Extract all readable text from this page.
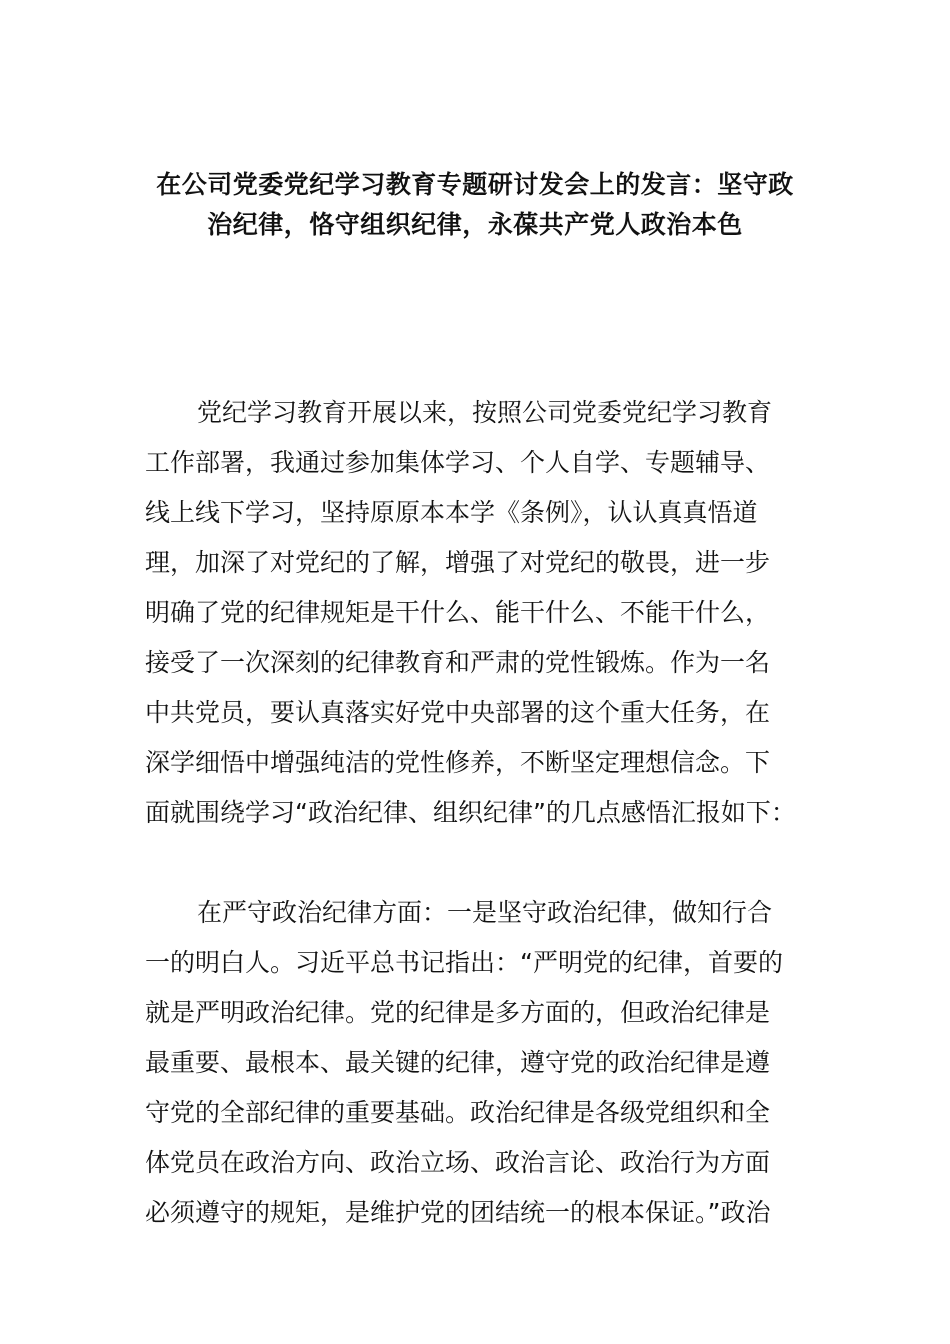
在公司党委党纪学习教育专题研讨发会上的发言：坚守政
治纪律，恪守组织纪律，永葆共产党人政治本色
党纪学习教育开展以来，按照公司党委党纪学习教育
工作部署，我通过参加集体学习、个人自学、专题辅导、
线上线下学习，坚持原原本本学《条例》，认认真真悟道
理，加深了对党纪的了解，增强了对党纪的敬畏，进一步
明确了党的纪律规矩是干什么、能干什么、不能干什么，
接受了一次深刻的纪律教育和严肃的党性锻炼。作为一名
中共党员，要认真落实好党中央部署的这个重大任务，在
深学细悟中增强纯洁的党性修养，不断坚定理想信念。下
面就围绕学习“政治纪律、组织纪律”的几点感悟汇报如下：
在严守政治纪律方面：一是坚守政治纪律，做知行合
一的明白人。习近平总书记指出：“严明党的纪律，首要的
就是严明政治纪律。党的纪律是多方面的，但政治纪律是
最重要、最根本、最关键的纪律，遵守党的政治纪律是遵
守党的全部纪律的重要基础。政治纪律是各级党组织和全
体党员在政治方向、政治立场、政治言论、政治行为方面
必须遵守的规矩，是维护党的团结统一的根本保证。”政治
